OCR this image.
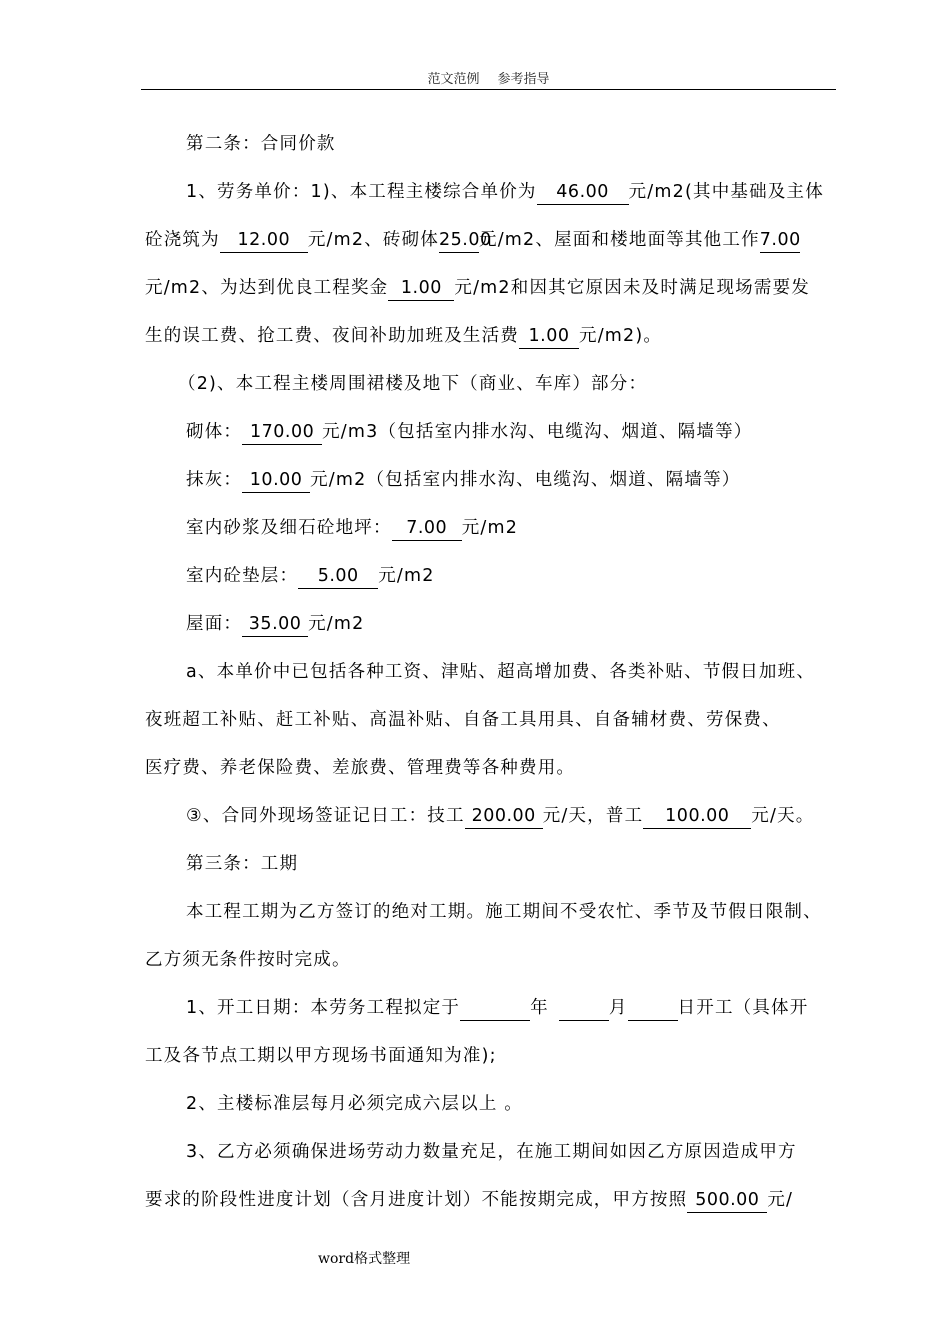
范文范例 参考指导
第二条：合同价款
1、劳务单价：1)、本工程主楼综合单价为 46.00 元/m2(其中基础及主体
砼浇筑为 12.00 元/m2、砖砌体25.00元/m2、屋面和楼地面等其他工作7.00
元/m2、为达到优良工程奖金 1.00 元/m2和因其它原因未及时满足现场需要发
生的误工费、抢工费、夜间补助加班及生活费 1.00 元/m2)。
（2)、本工程主楼周围裙楼及地下（商业、车库）部分：
砌体： 170.00 元/m3（包括室内排水沟、电缆沟、烟道、隔墙等）
抹灰： 10.00 元/m2（包括室内排水沟、电缆沟、烟道、隔墙等）
室内砂浆及细石砼地坪： 7.00 元/m2
室内砼垫层： 5.00 元/m2
屋面： 35.00 元/m2
a、本单价中已包括各种工资、津贴、超高增加费、各类补贴、节假日加班、
夜班超工补贴、赶工补贴、高温补贴、自备工具用具、自备辅材费、劳保费、
医疗费、养老保险费、差旅费、管理费等各种费用。
③、合同外现场签证记日工：技工 200.00 元/天，普工 100.00 元/天。
第三条：工期
本工程工期为乙方签订的绝对工期。施工期间不受农忙、季节及节假日限制、
乙方须无条件按时完成。
1、开工日期：本劳务工程拟定于	年	月	日开工（具体开
工及各节点工期以甲方现场书面通知为准);
2、主楼标准层每月必须完成六层以上 。
3、乙方必须确保进场劳动力数量充足，在施工期间如因乙方原因造成甲方
要求的阶段性进度计划（含月进度计划）不能按期完成，甲方按照 500.00 元/
word格式整理
